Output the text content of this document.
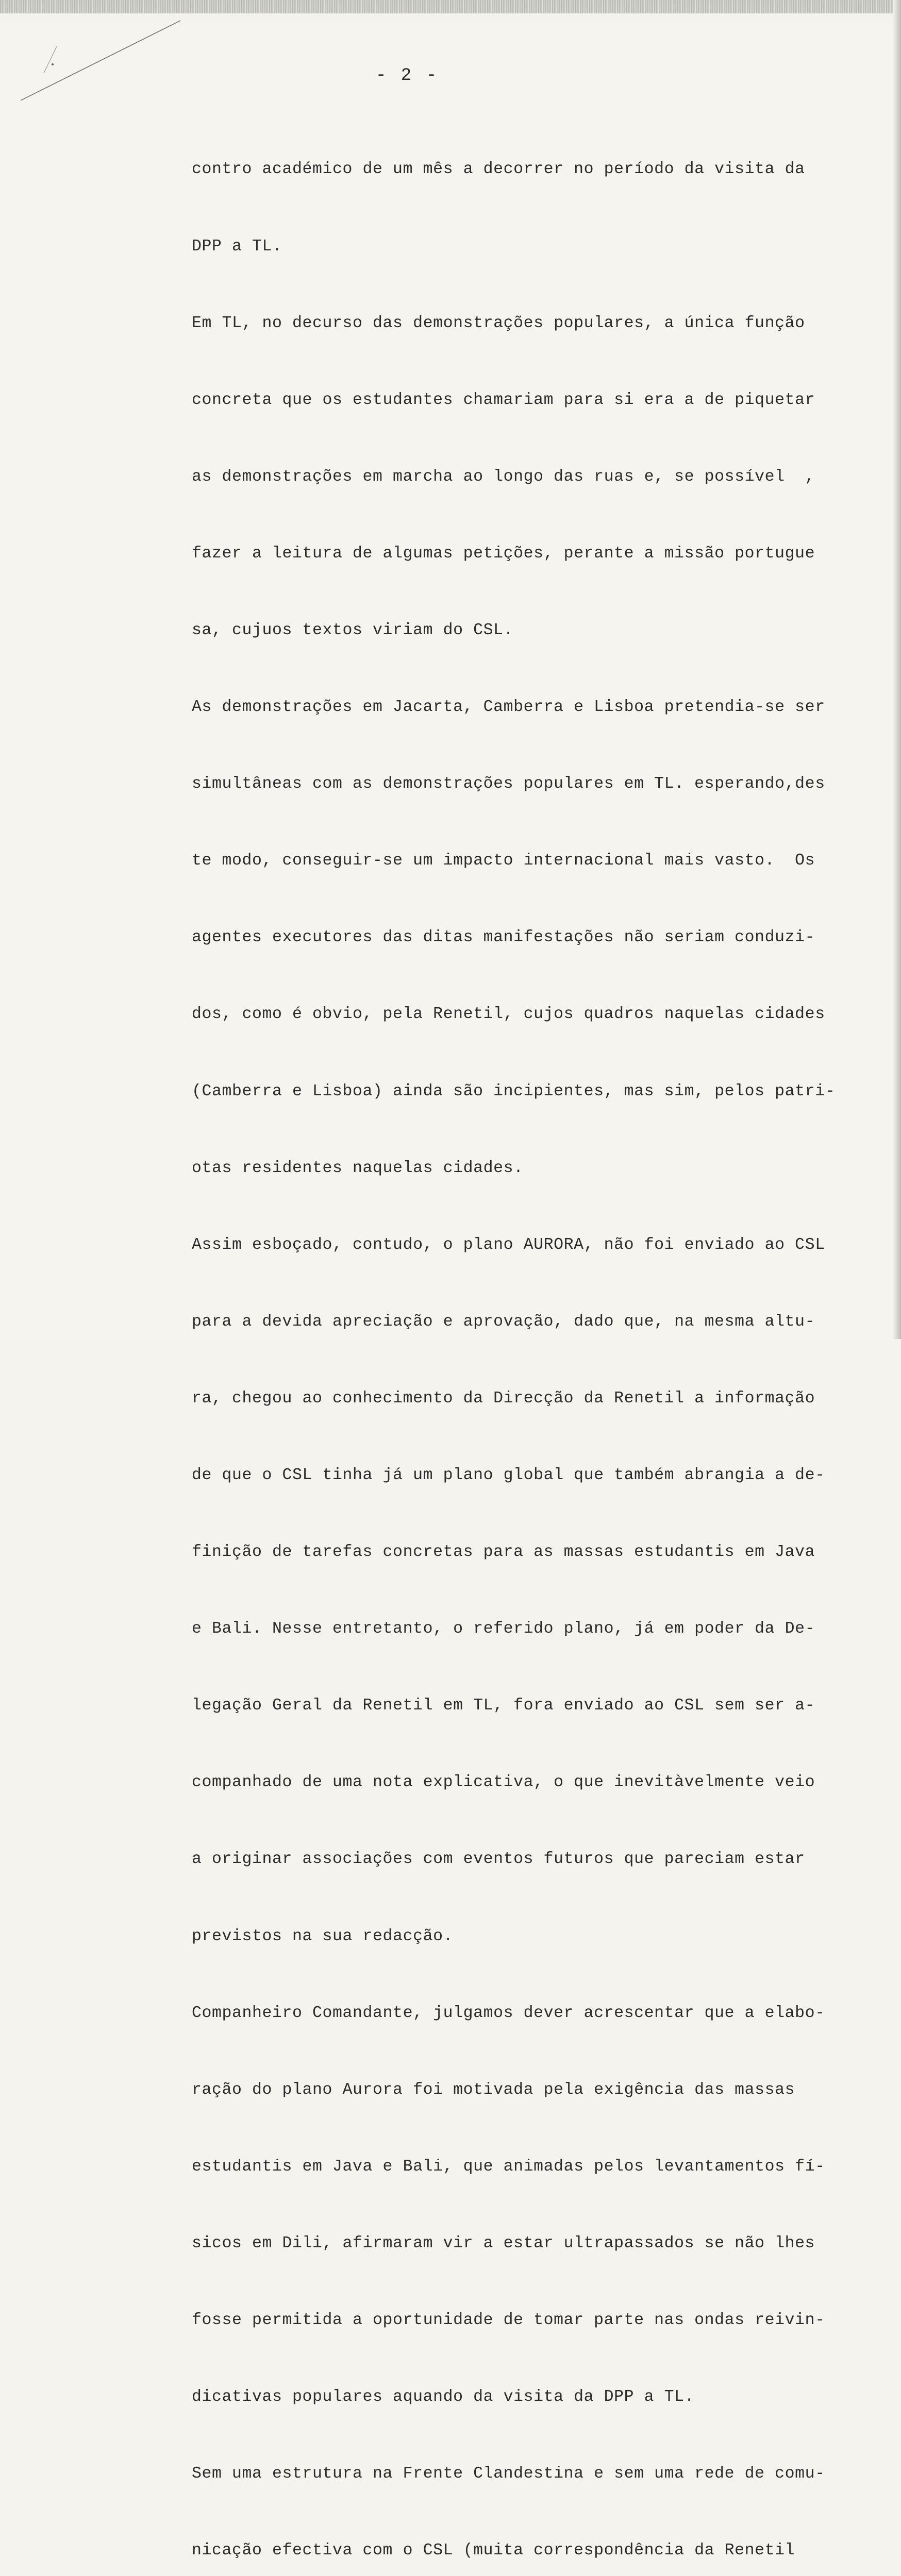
- 2 -

contro académico de um mês a decorrer no período da visita da

DPP a TL.

Em TL, no decurso das demonstrações populares, a única função

concreta que os estudantes chamariam para si era a de piquetar

as demonstrações em marcha ao longo das ruas e, se possível  ,

fazer a leitura de algumas petições, perante a missão portugue

sa, cujuos textos viriam do CSL.

As demonstrações em Jacarta, Camberra e Lisboa pretendia-se ser

simultâneas com as demonstrações populares em TL. esperando,des

te modo, conseguir-se um impacto internacional mais vasto.  Os

agentes executores das ditas manifestações não seriam conduzi-

dos, como é obvio, pela Renetil, cujos quadros naquelas cidades

(Camberra e Lisboa) ainda são incipientes, mas sim, pelos patri-

otas residentes naquelas cidades.

Assim esboçado, contudo, o plano AURORA, não foi enviado ao CSL

para a devida apreciação e aprovação, dado que, na mesma altu-

ra, chegou ao conhecimento da Direcção da Renetil a informação

de que o CSL tinha já um plano global que também abrangia a de-

finição de tarefas concretas para as massas estudantis em Java

e Bali. Nesse entretanto, o referido plano, já em poder da De-

legação Geral da Renetil em TL, fora enviado ao CSL sem ser a-

companhado de uma nota explicativa, o que inevitàvelmente veio

a originar associações com eventos futuros que pareciam estar

previstos na sua redacção.

Companheiro Comandante, julgamos dever acrescentar que a elabo-

ração do plano Aurora foi motivada pela exigência das massas

estudantis em Java e Bali, que animadas pelos levantamentos fí-

sicos em Dili, afirmaram vir a estar ultrapassados se não lhes

fosse permitida a oportunidade de tomar parte nas ondas reivin-

dicativas populares aquando da visita da DPP a TL.

Sem uma estrutura na Frente Clandestina e sem uma rede de comu-

nicação efectiva com o CSL (muita correspondência da Renetil
